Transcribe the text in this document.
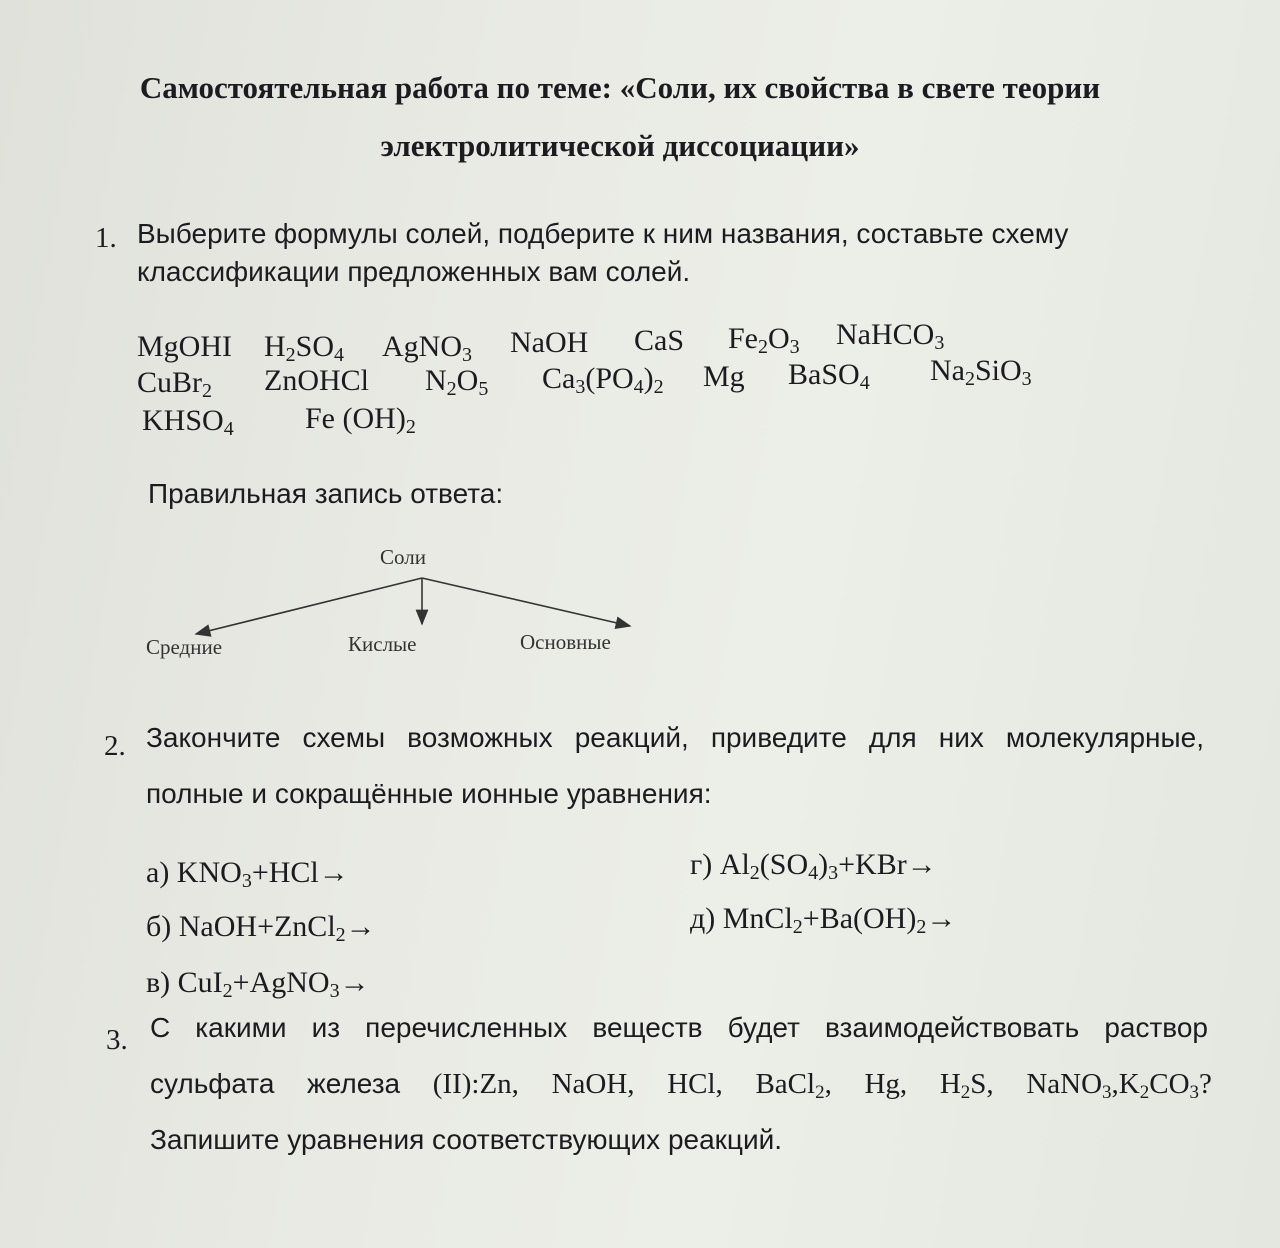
Самостоятельная работа по теме: «Соли, их свойства в свете теории
электролитической диссоциации»
1. Выберите формулы солей, подберите к ним названия, составьте схему
классификации предложенных вам солей.
MgOHI $H_2SO_4$ AgNO$_3$ NaOH CaS $Fe_2O_3$ NaHCO$_3$
CuBr$_2$ ZnOHCl $N_2O_5$ $Ca_3(PO_4)_2$ Mg BaSO$_4$ $Na_2SiO_3$
$KHSO_4$ Fe $(OH)_2$
Правильная запись ответа:
Соли
Средние	Кислые	Основные
2. Закончите схемы возможных реакций, приведите для них молекулярные,
полные и сокращённые ионные уравнения:
а) $KNO_3+HCl\to$
б) NaOH+ZnCl$_2$→
в) CuI$_2$+AgNO$_3$→
г) $Al_2(SO_4)_3+KBr\to$
д) $MnCl_2+Ba(OH)_2\to$
3. С какими из перечисленных веществ будет взаимодействовать раствор
сульфата железа (II):Zn, NaOH, HCl, BaCl$_2$, Hg, $H_2S$, $NaNO_3,K_2CO_3$?
Запишите уравнения соответствующих реакций.
